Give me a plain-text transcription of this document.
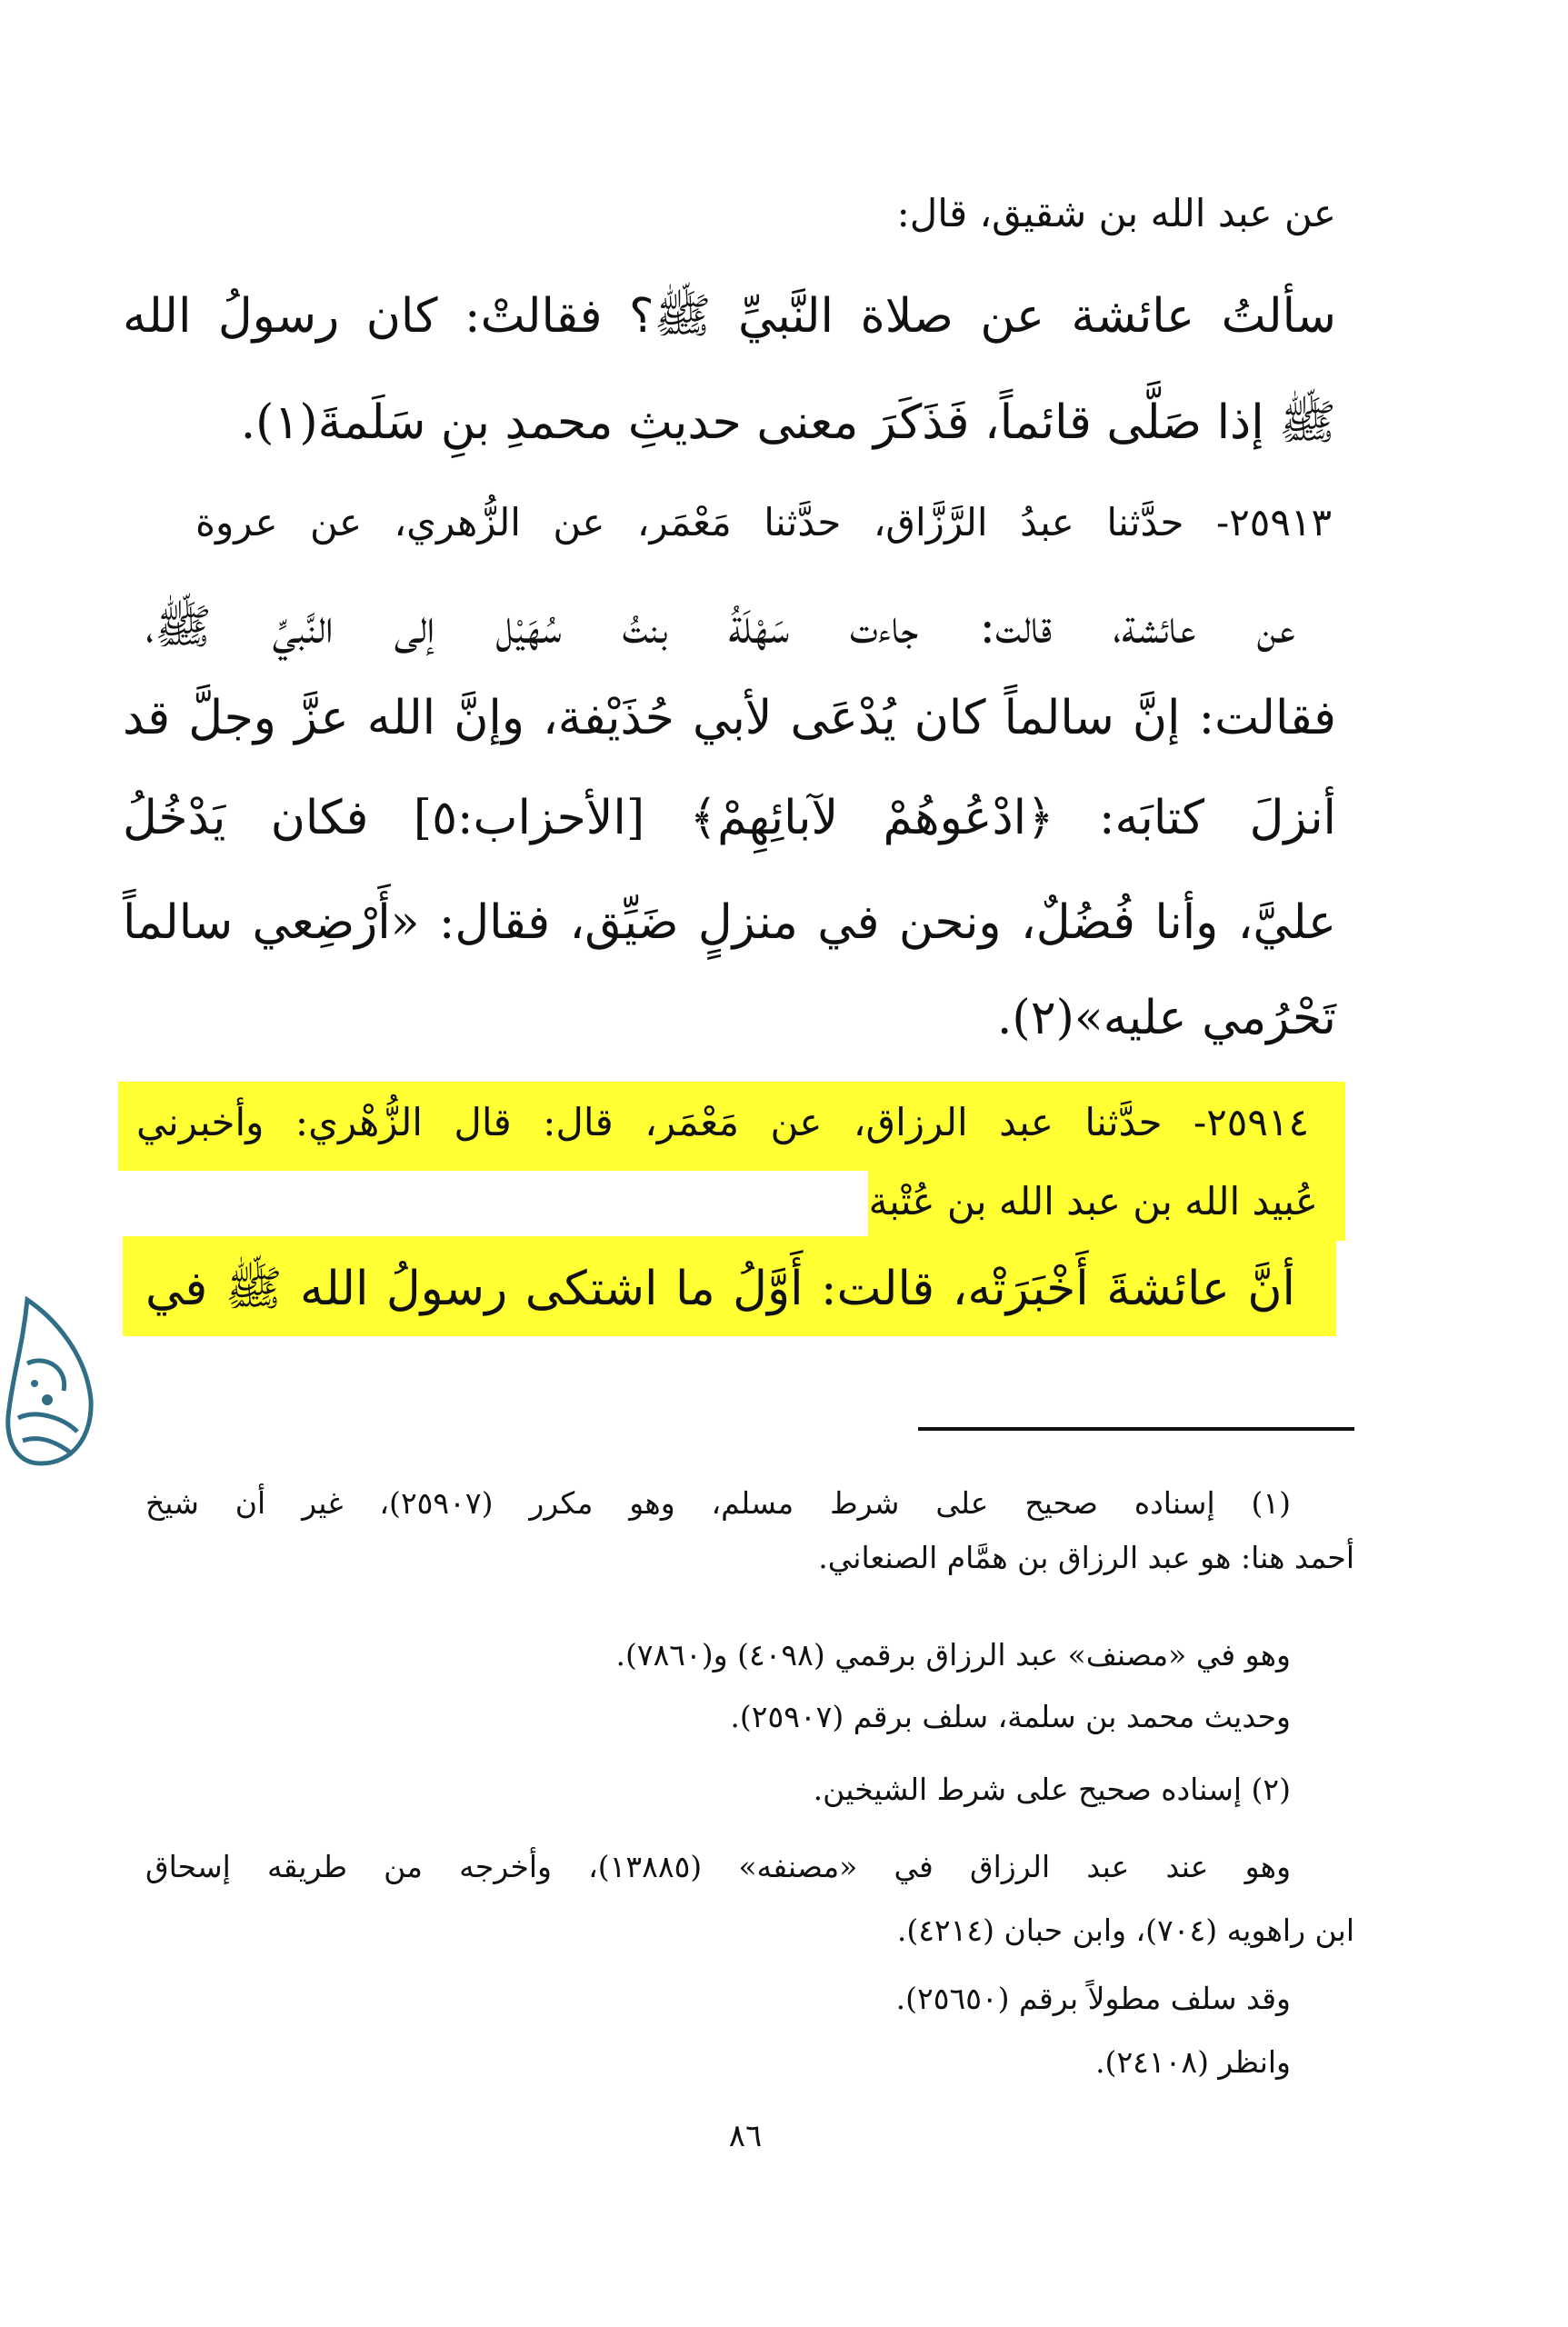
عن عبد الله بن شقيق، قال:
سألتُ عائشة عن صلاة النَّبيِّ ﷺ؟ فقالتْ: كان رسولُ الله
ﷺ إذا صَلَّى قائماً، فَذَكَرَ معنى حديثِ محمدِ بنِ سَلَمةَ(١).
٢٥٩١٣- حدَّثنا عبدُ الرَّزَّاق، حدَّثنا مَعْمَر، عن الزُّهري، عن عروة
عن عائشة، قالت: جاءت سَهْلَةُ بنتُ سُهَيْل إلى النَّبيِّ ﷺ،
فقالت: إنَّ سالماً كان يُدْعَى لأبي حُذَيْفة، وإنَّ الله عزَّ وجلَّ قد
أنزلَ كتابَه: ﴿ادْعُوهُمْ لآبائِهِمْ﴾ [الأحزاب:٥] فكان يَدْخُلُ
عليَّ، وأنا فُضُلٌ، ونحن في منزلٍ ضَيِّق، فقال: «أَرْضِعي سالماً
تَحْرُمي عليه»(٢).
٢٥٩١٤- حدَّثنا عبد الرزاق، عن مَعْمَر، قال: قال الزُّهْري: وأخبرني
عُبيد الله بن عبد الله بن عُتْبة
أنَّ عائشةَ أَخْبَرَتْه، قالت: أَوَّلُ ما اشتكى رسولُ الله ﷺ في
(١) إسناده صحيح على شرط مسلم، وهو مكرر (٢٥٩٠٧)، غير أن شيخ
أحمد هنا: هو عبد الرزاق بن همَّام الصنعاني.
وهو في «مصنف» عبد الرزاق برقمي (٤٠٩٨) و(٧٨٦٠).
وحديث محمد بن سلمة، سلف برقم (٢٥٩٠٧).
(٢) إسناده صحيح على شرط الشيخين.
وهو عند عبد الرزاق في «مصنفه» (١٣٨٨٥)، وأخرجه من طريقه إسحاق
ابن راهويه (٧٠٤)، وابن حبان (٤٢١٤).
وقد سلف مطولاً برقم (٢٥٦٥٠).
وانظر (٢٤١٠٨).
٨٦
